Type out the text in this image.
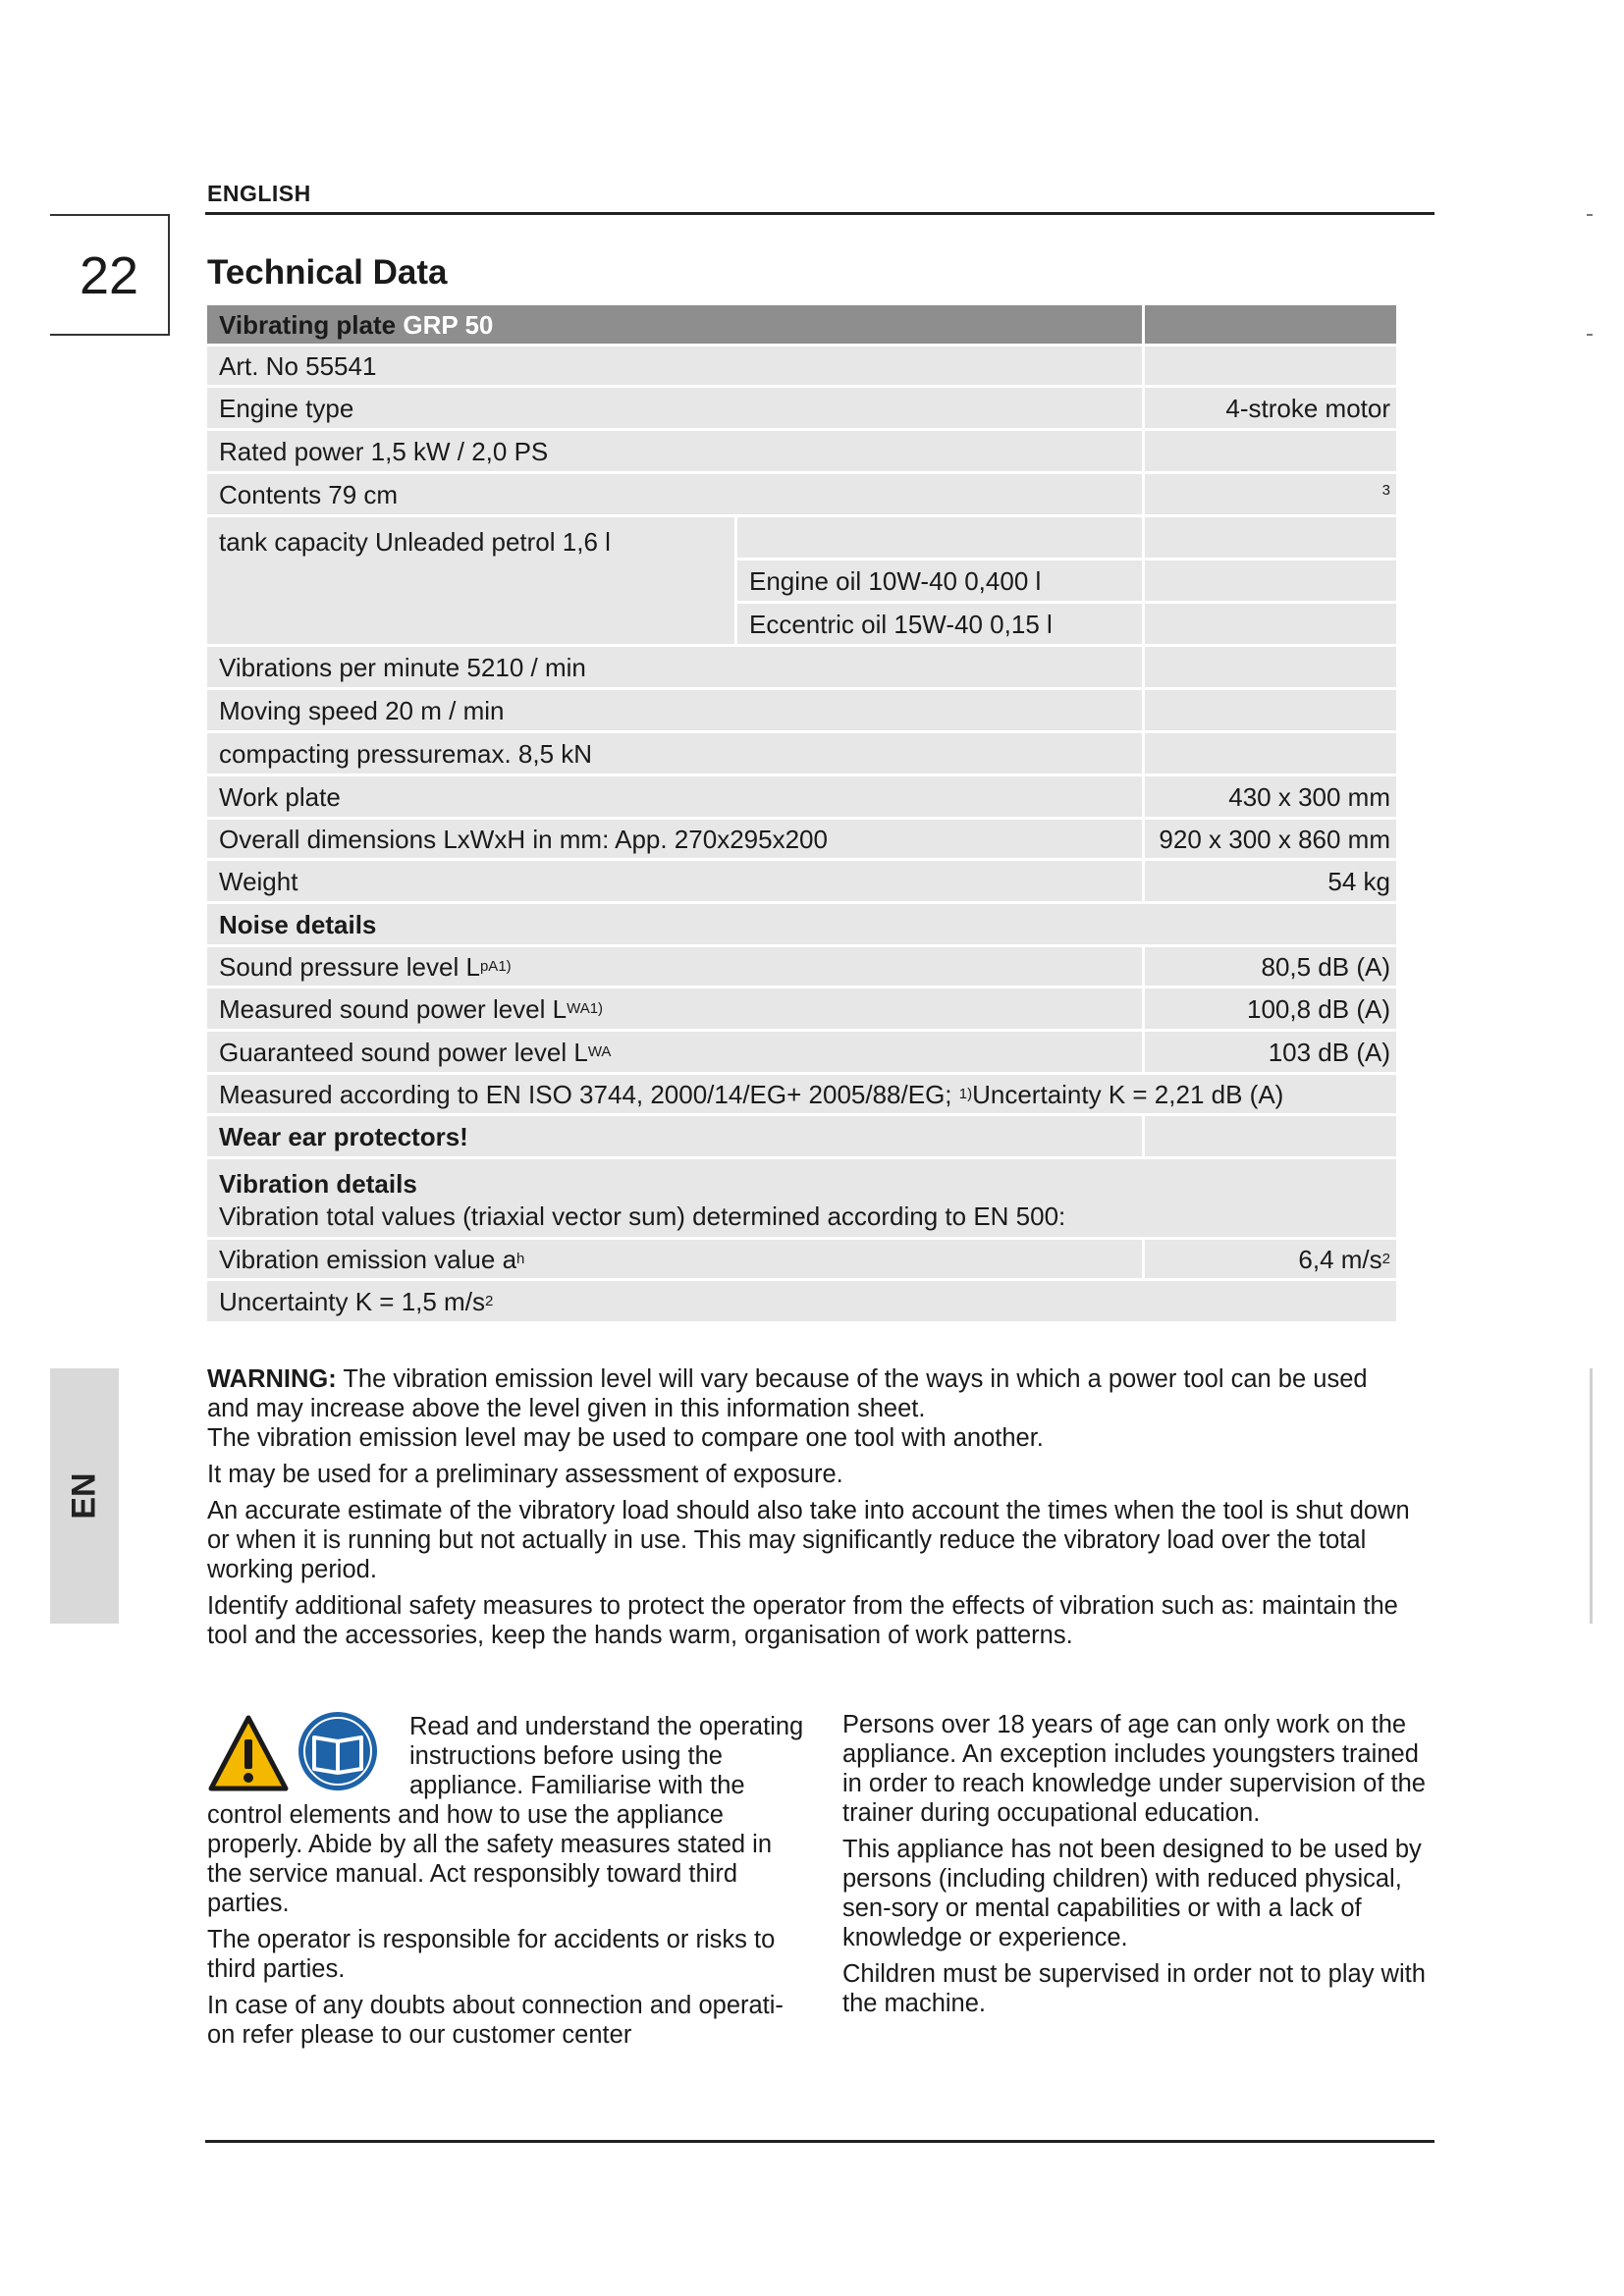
ENGLISH
22	Technical Data
Vibrating plate
GRP 50
Art. No 55541
Engine type	4-stroke motor
Rated power 1,5 kW / 2,0 PS
Contents 79 cm	3
tank capacity Unleaded petrol 1,6 l
Engine oil 10W-40 0,400 l
Eccentric oil 15W-40 0,15 l
Vibrations per minute 5210 / min
Moving speed 20 m / min
compacting pressuremax. 8,5 kN
Work plate	430 x 300 mm
Overall dimensions LxWxH in mm: App. 270x295x200	920 x 300 x 860 mm
Weight	54 kg
Noise details
Sound pressure level L pA 1)	80,5 dB (A)
Measured sound power level L WA 1)	100,8 dB (A)
Guaranteed sound power level L WA	103 dB (A)
Measured according to EN ISO 3744, 2000/14/EG+ 2005/88/EG;
1) Uncertainty K = 2,21 dB (A)
Wear ear protectors!
Vibration details
Vibration total values (triaxial vector sum) determined according to EN 500:
Vibration emission value a h	6,4 m/s 2
Uncertainty K = 1,5 m/s 2

WARNING: The vibration emission level will vary because of the ways in which a power tool can be used and may increase above the level given in this information sheet.
The vibration emission level may be used to compare one tool with another.

It may be used for a preliminary assessment of exposure.

An accurate estimate of the vibratory load should also take into account the times when the tool is shut down or when it is running but not actually in use. This may significantly reduce the vibratory load over the total working period.

Identify additional safety measures to protect the operator from the effects of vibration such as: maintain the tool and the accessories, keep the hands warm, organisation of work patterns.

EN

Read and understand the operating instructions before using the appliance. Familiarise with the control elements and how to use the appliance properly. Abide by all the safety measures stated in the service manual. Act responsibly toward third parties.

The operator is responsible for accidents or risks to third parties.

In case of any doubts about connection and operati-on refer please to our customer center

Persons over 18 years of age can only work on the appliance. An exception includes youngsters trained in order to reach knowledge under supervision of the trainer during occupational education.

This appliance has not been designed to be used by persons (including children) with reduced physical, sen-sory or mental capabilities or with a lack of knowledge or experience.

Children must be supervised in order not to play with the machine.
